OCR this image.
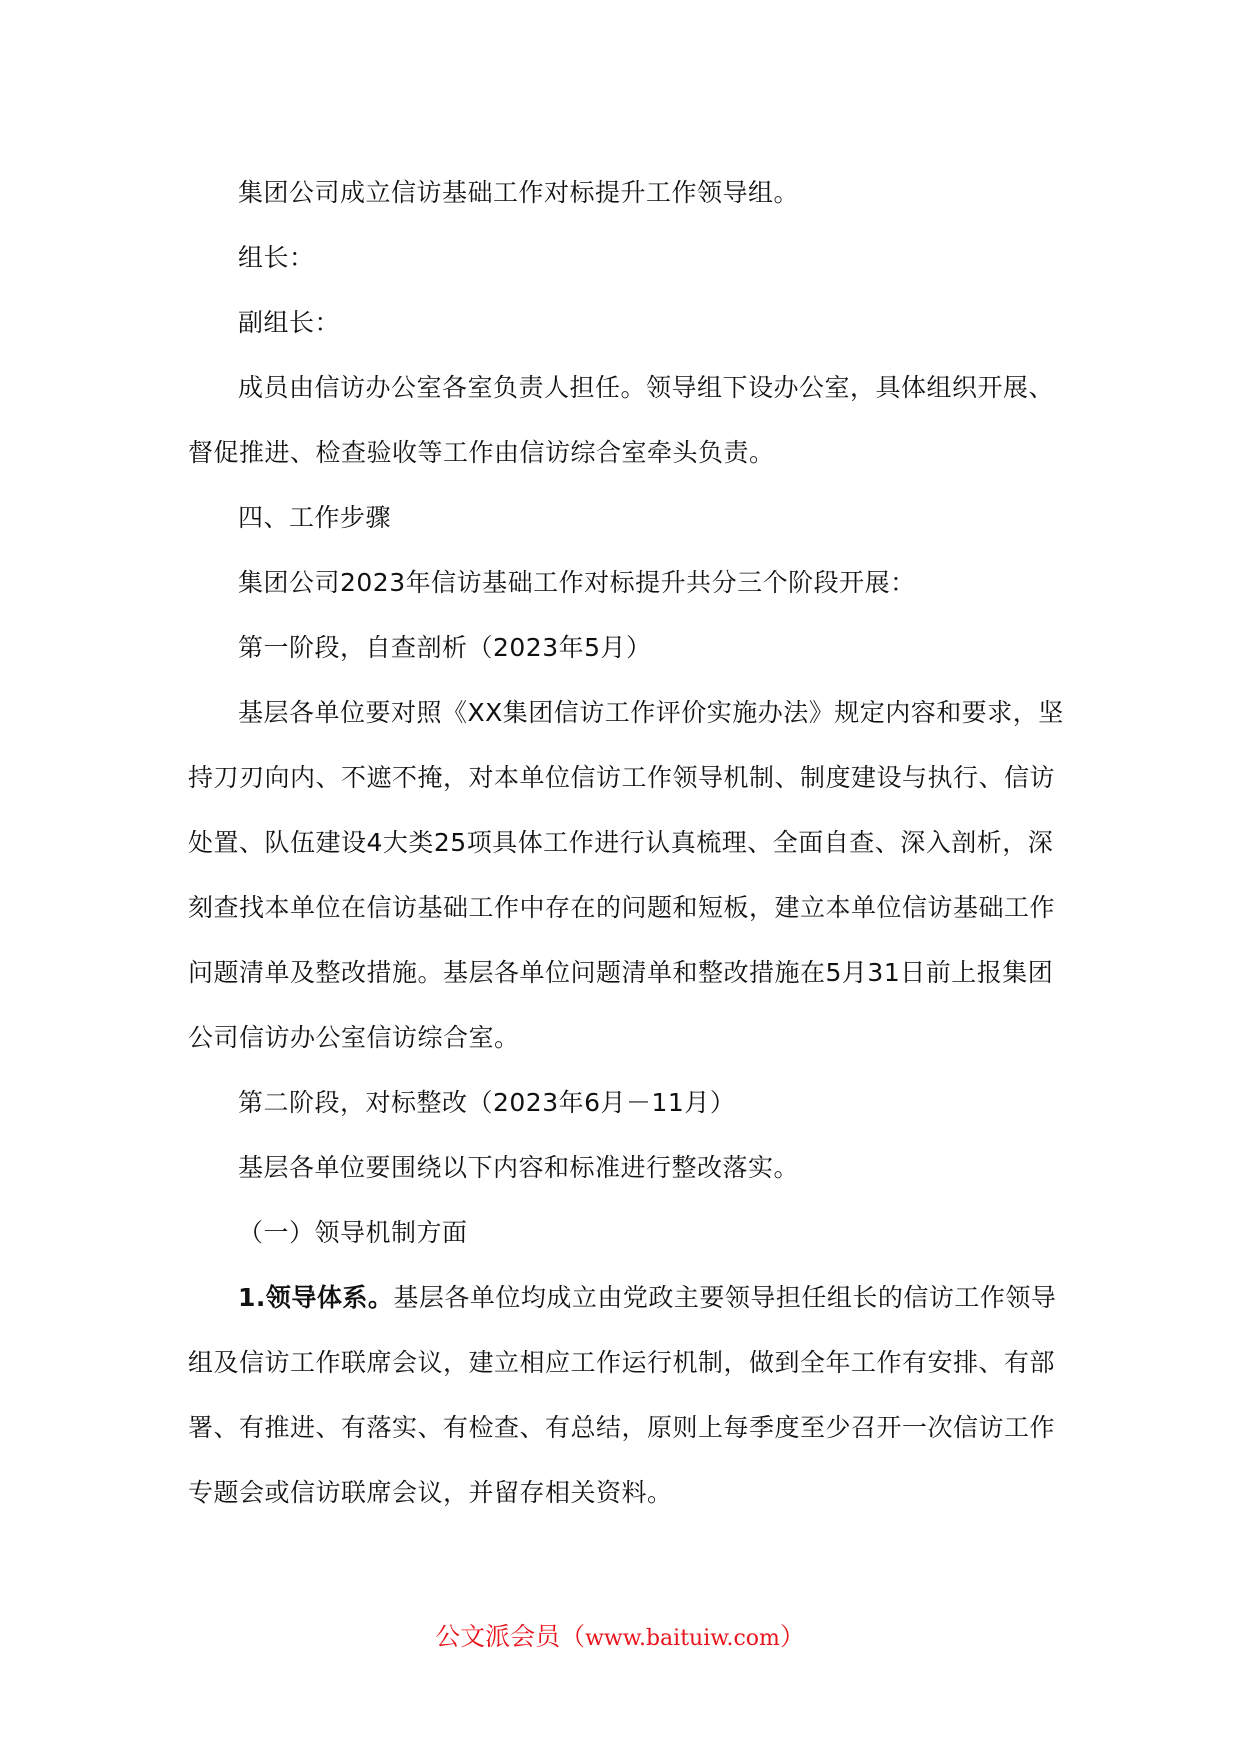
集团公司成立信访基础工作对标提升工作领导组。

组长：

副组长：

成员由信访办公室各室负责人担任。领导组下设办公室，具体组织开展、督促推进、检查验收等工作由信访综合室牵头负责。

四、工作步骤

集团公司2023年信访基础工作对标提升共分三个阶段开展：

第一阶段，自查剖析（2023年5月）

基层各单位要对照《XX集团信访工作评价实施办法》规定内容和要求，坚持刀刃向内、不遮不掩，对本单位信访工作领导机制、制度建设与执行、信访处置、队伍建设4大类25项具体工作进行认真梳理、全面自查、深入剖析，深刻查找本单位在信访基础工作中存在的问题和短板，建立本单位信访基础工作问题清单及整改措施。基层各单位问题清单和整改措施在5月31日前上报集团公司信访办公室信访综合室。

第二阶段，对标整改（2023年6月－11月）

基层各单位要围绕以下内容和标准进行整改落实。

（一）领导机制方面

1.领导体系。基层各单位均成立由党政主要领导担任组长的信访工作领导组及信访工作联席会议，建立相应工作运行机制，做到全年工作有安排、有部署、有推进、有落实、有检查、有总结，原则上每季度至少召开一次信访工作专题会或信访联席会议，并留存相关资料。

公文派会员（www.baituiw.com）
